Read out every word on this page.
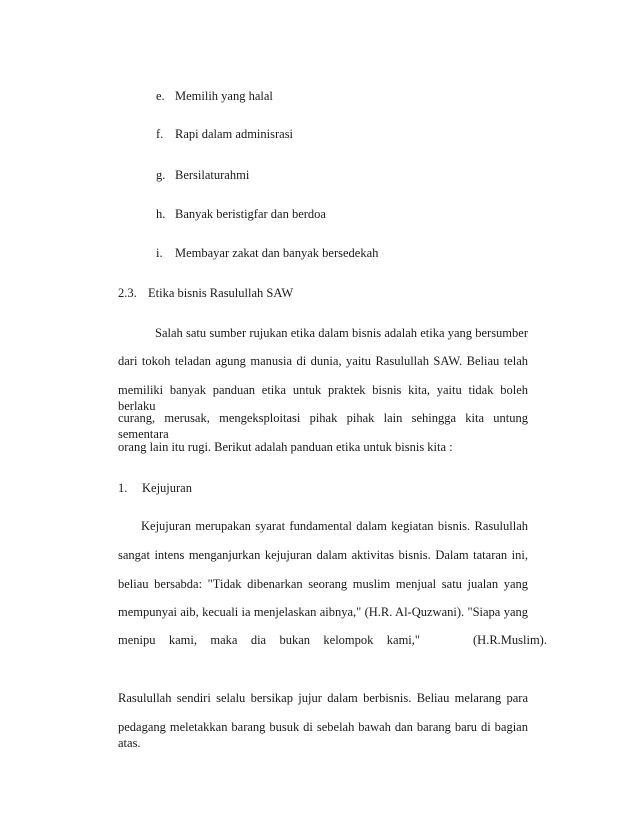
e. Memilih yang halal
f. Rapi dalam adminisrasi
g. Bersilaturahmi
h. Banyak beristigfar dan berdoa
i. Membayar zakat dan banyak bersedekah
2.3. Etika bisnis Rasulullah SAW
Salah satu sumber rujukan etika dalam bisnis adalah etika yang bersumber
dari tokoh teladan agung manusia di dunia, yaitu Rasulullah SAW. Beliau telah
memiliki banyak panduan etika untuk praktek bisnis kita, yaitu tidak boleh berlaku
curang, merusak, mengeksploitasi pihak pihak lain sehingga kita untung sementara
orang lain itu rugi. Berikut adalah panduan etika untuk bisnis kita :
1. Kejujuran
Kejujuran merupakan syarat fundamental dalam kegiatan bisnis. Rasulullah
sangat intens menganjurkan kejujuran dalam aktivitas bisnis. Dalam tataran ini,
beliau bersabda: "Tidak dibenarkan seorang muslim menjual satu jualan yang
mempunyai aib, kecuali ia menjelaskan aibnya," (H.R. Al-Quzwani). "Siapa yang
menipu kami, maka dia bukan kelompok kami,"	(H.R.Muslim).
Rasulullah sendiri selalu bersikap jujur dalam berbisnis. Beliau melarang para
pedagang meletakkan barang busuk di sebelah bawah dan barang baru di bagian atas.
